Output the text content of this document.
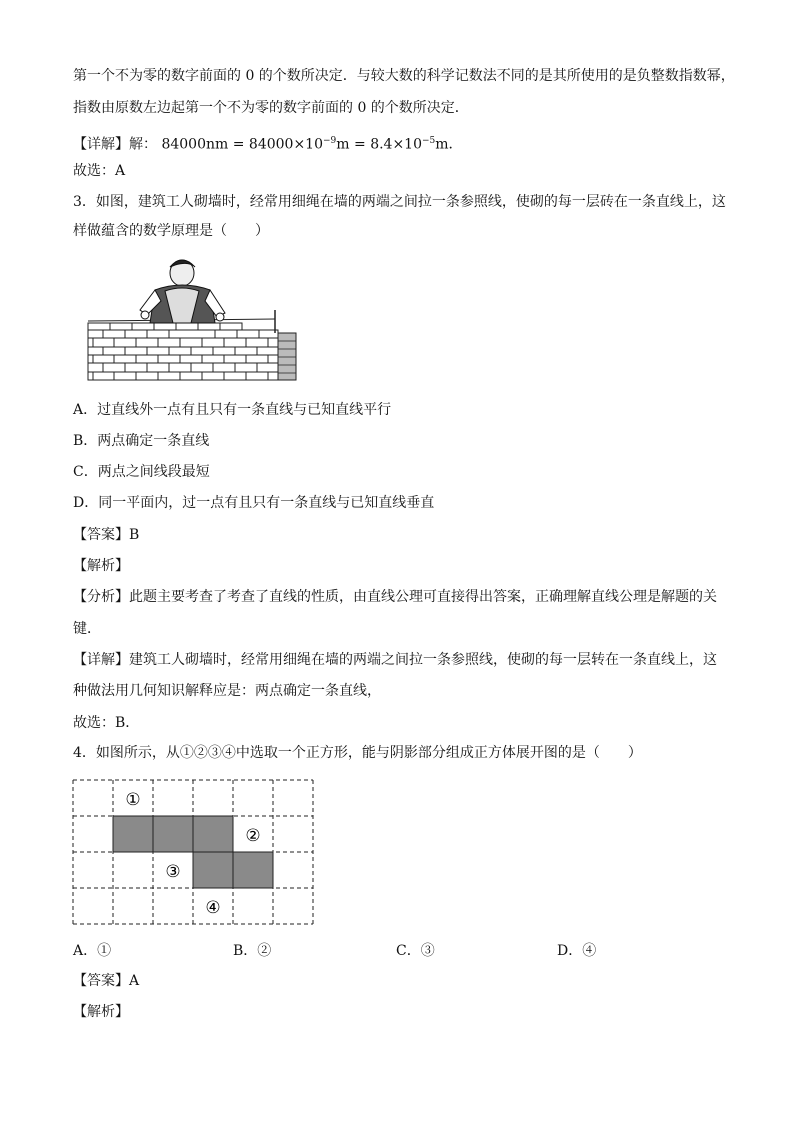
第一个不为零的数字前面的 0 的个数所决定．与较大数的科学记数法不同的是其所使用的是负整数指数幂，
指数由原数左边起第一个不为零的数字前面的 0 的个数所决定．
【详解】解： $84000nm = 84000\times 10^{-9}m = 8.4\times 10^{-5}m$．
故选：A
3．如图，建筑工人砌墙时，经常用细绳在墙的两端之间拉一条参照线，使砌的每一层砖在一条直线上，这
样做蕴含的数学原理是（　　）
A．过直线外一点有且只有一条直线与已知直线平行
B．两点确定一条直线
C．两点之间线段最短
D．同一平面内，过一点有且只有一条直线与已知直线垂直
【答案】B
【解析】
【分析】此题主要考查了考查了直线的性质，由直线公理可直接得出答案，正确理解直线公理是解题的关
键．
【详解】建筑工人砌墙时，经常用细绳在墙的两端之间拉一条参照线，使砌的每一层转在一条直线上，这
种做法用几何知识解释应是：两点确定一条直线，
故选：B．
4．如图所示，从①②③④中选取一个正方形，能与阴影部分组成正方体展开图的是（　　）
①
②
③
④
A．①	B．②	C．③	D．④
【答案】A
【解析】
